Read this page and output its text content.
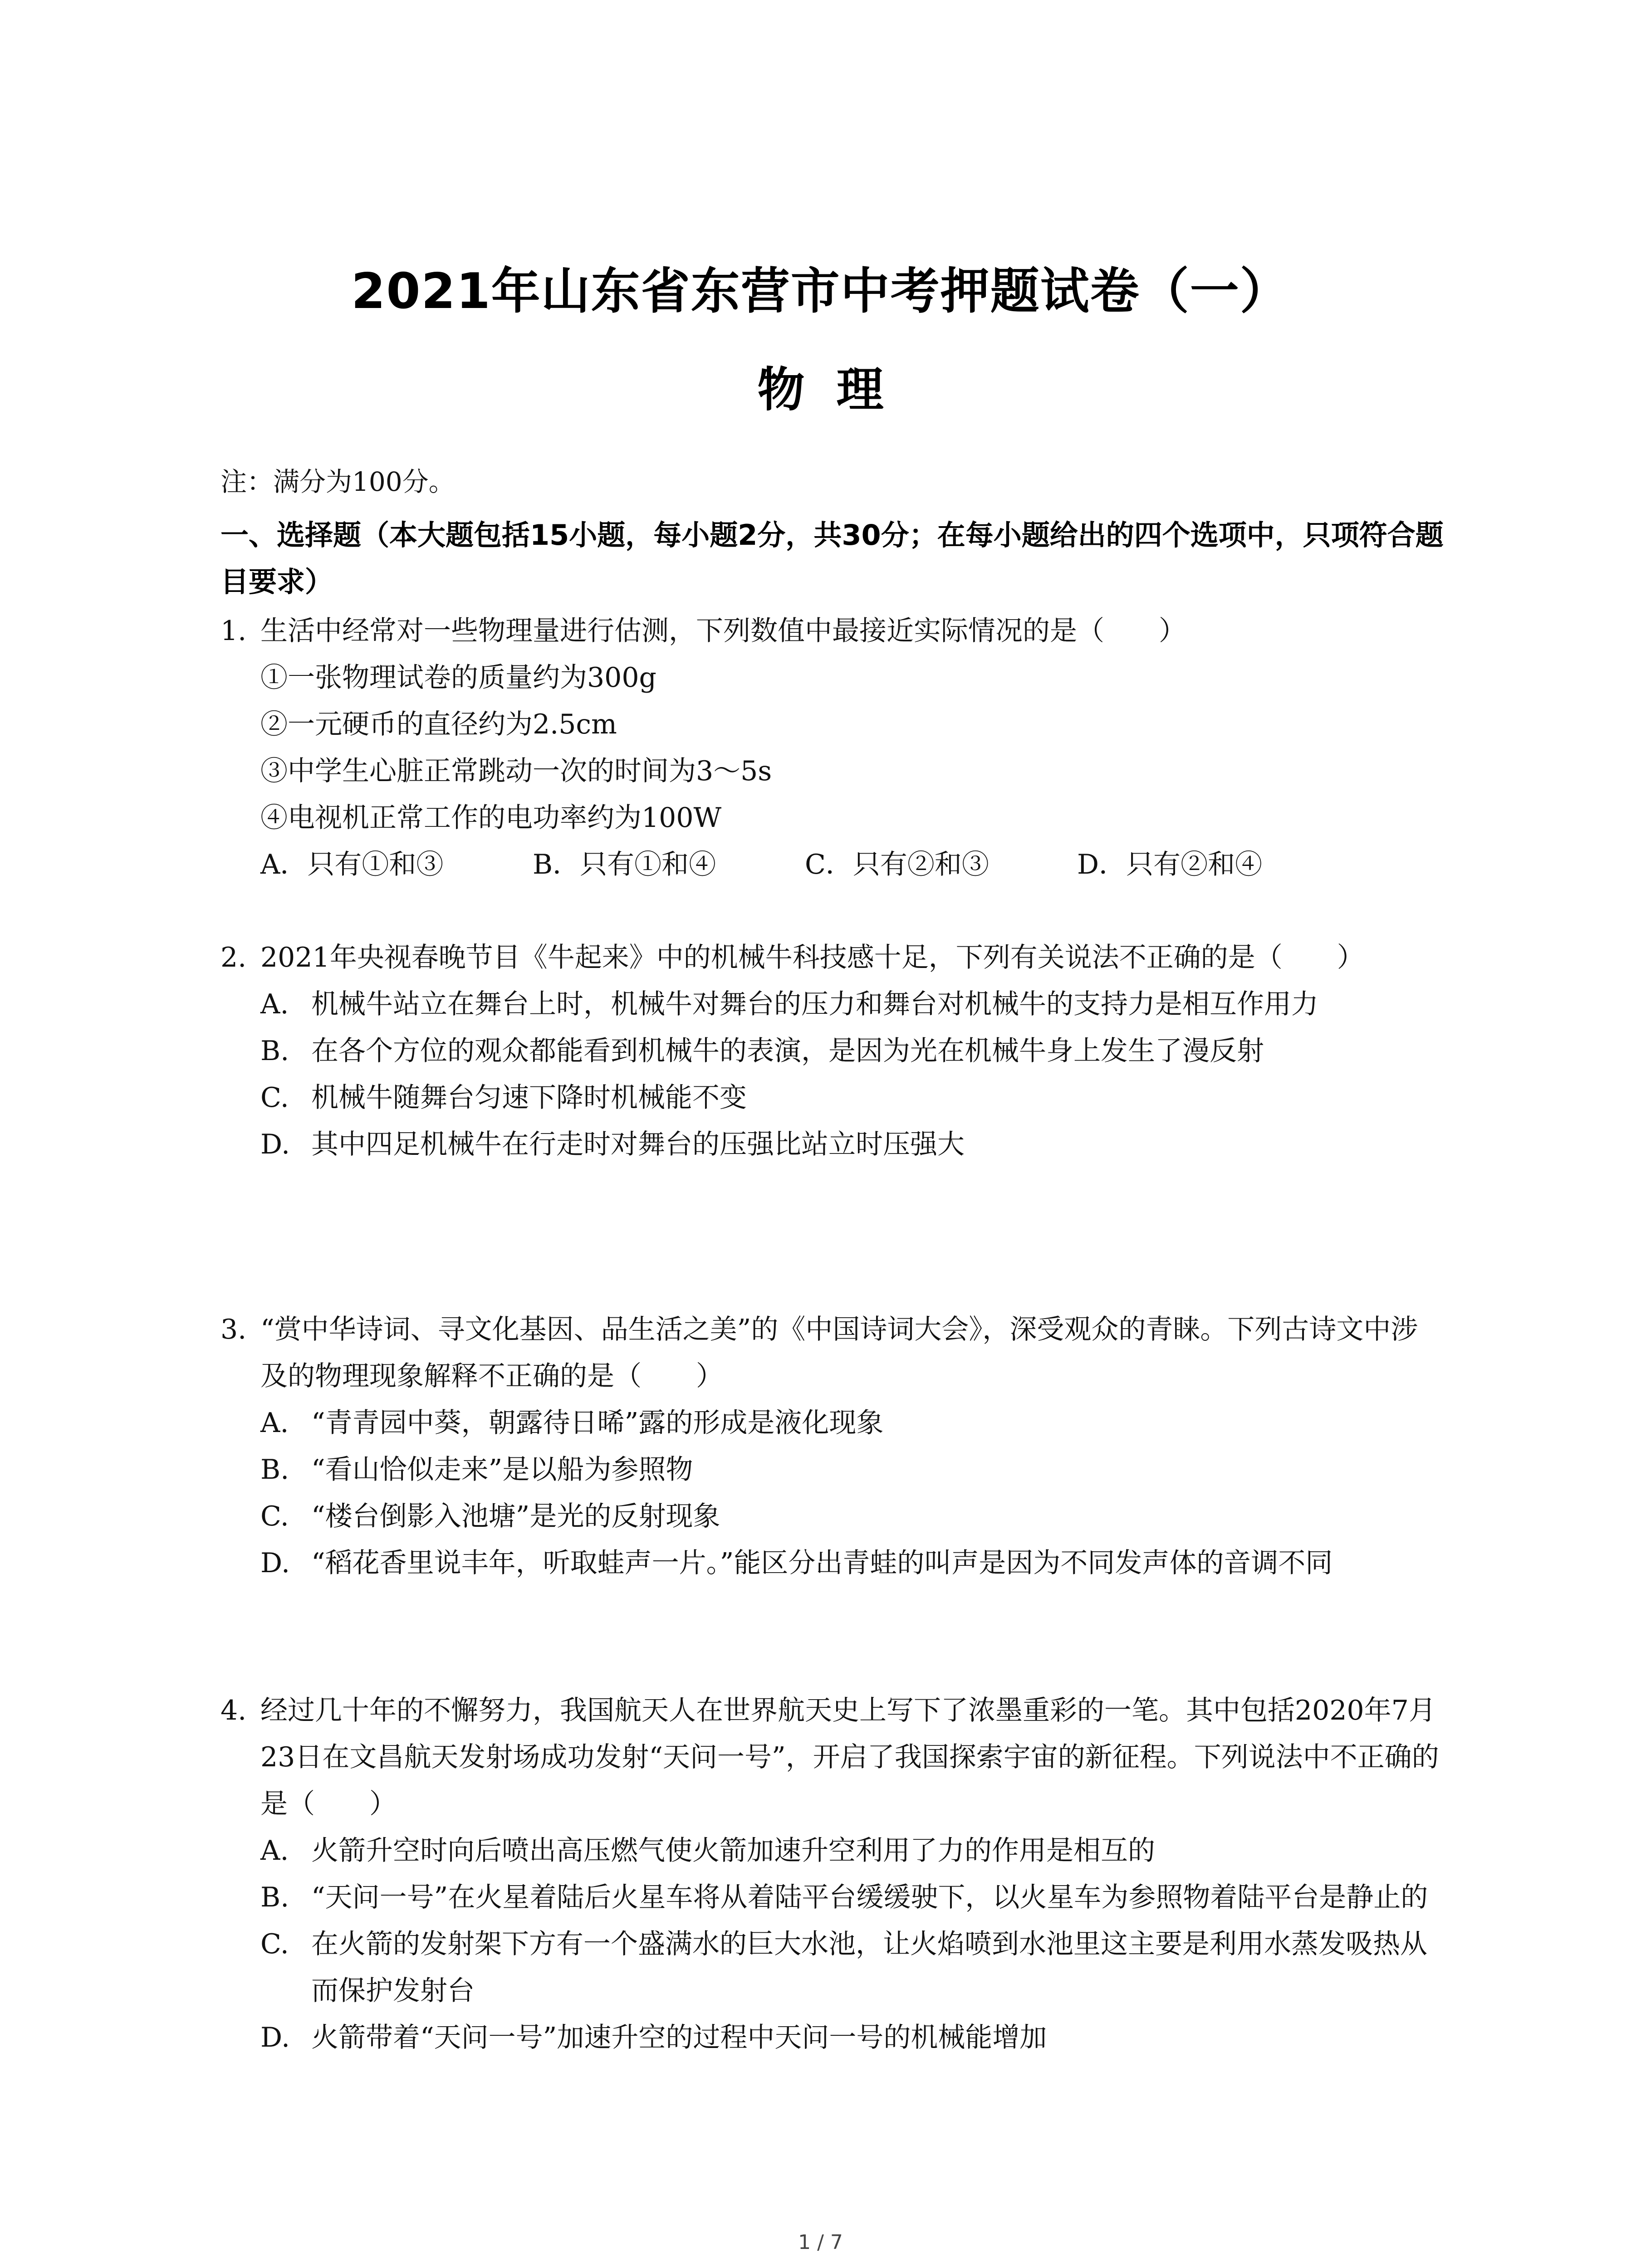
2021年山东省东营市中考押题试卷（一）
物理
注：满分为100分。
一、选择题（本大题包括15小题，每小题2分，共30分；在每小题给出的四个选项中，只项符合题目要求）
1. 生活中经常对一些物理量进行估测，下列数值中最接近实际情况的是（　　）
①一张物理试卷的质量约为300g
②一元硬币的直径约为2.5cm
③中学生心脏正常跳动一次的时间为3～5s
④电视机正常工作的电功率约为100W
A．只有①和③	B．只有①和④	C．只有②和③	D．只有②和④
2. 2021年央视春晚节目《牛起来》中的机械牛科技感十足，下列有关说法不正确的是（　　）
A. 机械牛站立在舞台上时，机械牛对舞台的压力和舞台对机械牛的支持力是相互作用力
B. 在各个方位的观众都能看到机械牛的表演，是因为光在机械牛身上发生了漫反射
C. 机械牛随舞台匀速下降时机械能不变
D. 其中四足机械牛在行走时对舞台的压强比站立时压强大
3. “赏中华诗词、寻文化基因、品生活之美”的《中国诗词大会》，深受观众的青睐。下列古诗文中涉及的物理现象解释不正确的是（　　）
A. “青青园中葵，朝露待日晞”露的形成是液化现象
B. “看山恰似走来”是以船为参照物
C. “楼台倒影入池塘”是光的反射现象
D. “稻花香里说丰年，听取蛙声一片。”能区分出青蛙的叫声是因为不同发声体的音调不同
4. 经过几十年的不懈努力，我国航天人在世界航天史上写下了浓墨重彩的一笔。其中包括2020年7月23日在文昌航天发射场成功发射“天问一号”，开启了我国探索宇宙的新征程。下列说法中不正确的是（　　）
A. 火箭升空时向后喷出高压燃气使火箭加速升空利用了力的作用是相互的
B. “天问一号”在火星着陆后火星车将从着陆平台缓缓驶下，以火星车为参照物着陆平台是静止的
C. 在火箭的发射架下方有一个盛满水的巨大水池，让火焰喷到水池里这主要是利用水蒸发吸热从而保护发射台
D. 火箭带着“天问一号”加速升空的过程中天问一号的机械能增加
1 / 7
